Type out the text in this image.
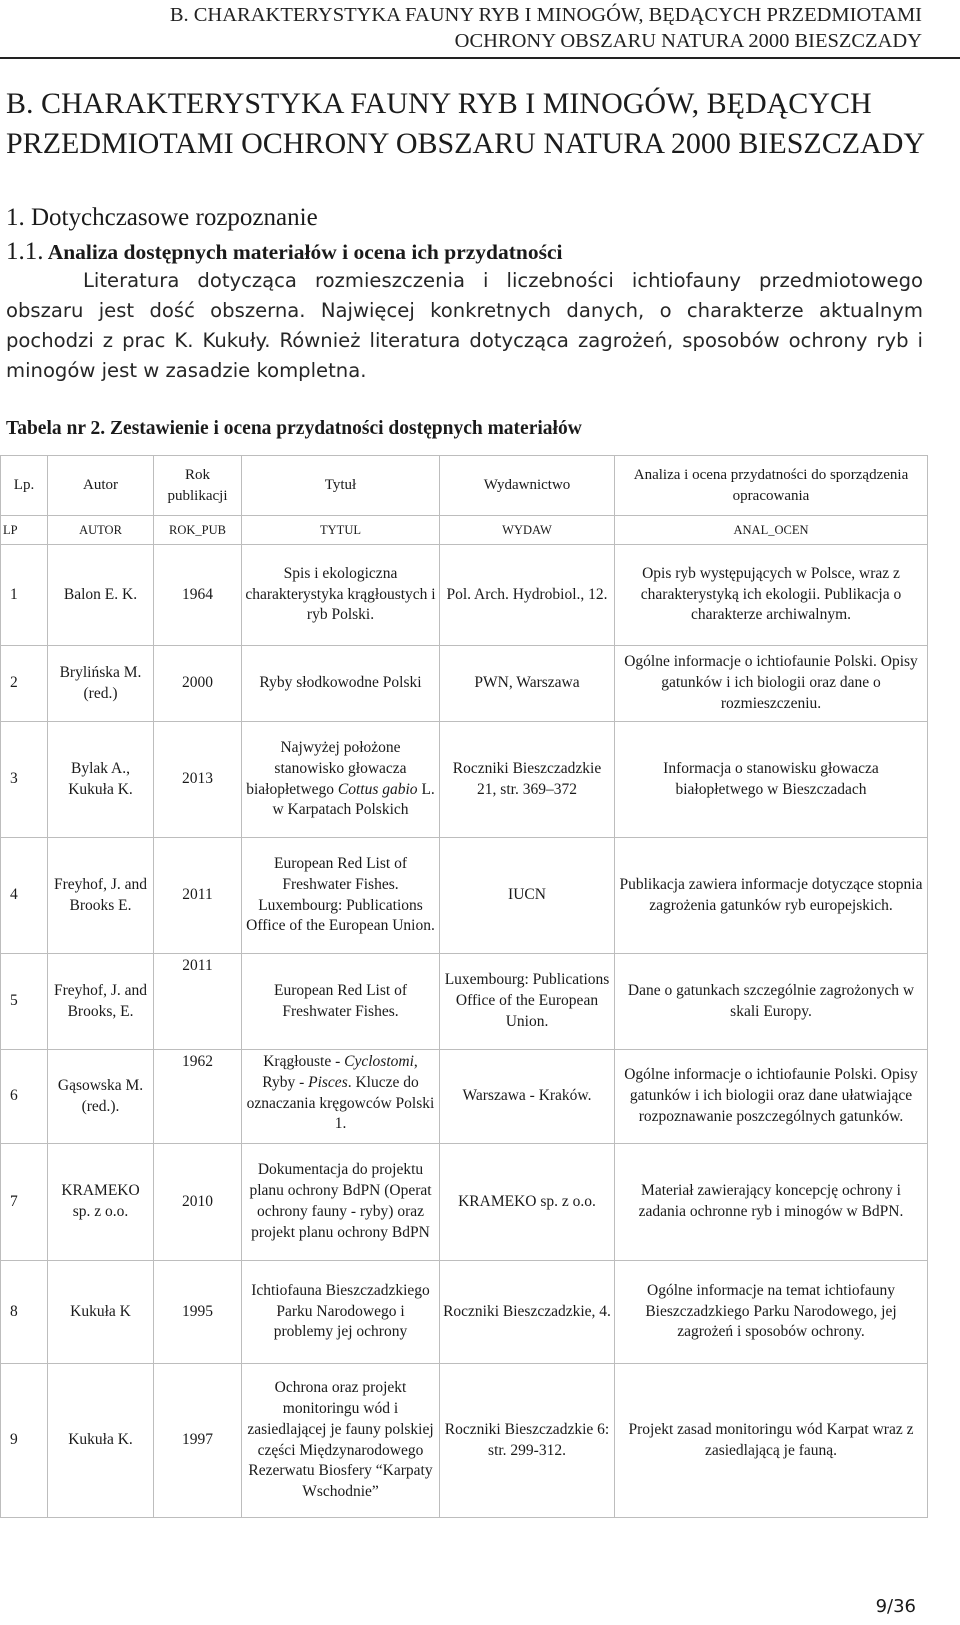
B. CHARAKTERYSTYKA FAUNY RYB I MINOGÓW, BĘDĄCYCH PRZEDMIOTAMI
OCHRONY OBSZARU NATURA 2000 BIESZCZADY
B. CHARAKTERYSTYKA FAUNY RYB I MINOGÓW, BĘDĄCYCH PRZEDMIOTAMI OCHRONY OBSZARU NATURA 2000 BIESZCZADY
1. Dotychczasowe rozpoznanie
1.1. Analiza dostępnych materiałów i ocena ich przydatności

Literatura dotycząca rozmieszczenia i liczebności ichtiofauny przedmiotowego obszaru jest dość obszerna. Najwięcej konkretnych danych, o charakterze aktualnym pochodzi z prac K. Kukuły. Również literatura dotycząca zagrożeń, sposobów ochrony ryb i minogów jest w zasadzie kompletna.

Tabela nr 2. Zestawienie i ocena przydatności dostępnych materiałów

Lp.	Autor	Rok publikacji	Tytuł	Wydawnictwo	Analiza i ocena przydatności do sporządzenia opracowania
LP	AUTOR	ROK_PUB	TYTUL	WYDAW	ANAL_OCEN
1	Balon E. K.	1964	Spis i ekologiczna charakterystyka krągłoustych i ryb Polski.	Pol. Arch. Hydrobiol., 12.	Opis ryb występujących w Polsce, wraz z charakterystyką ich ekologii. Publikacja o charakterze archiwalnym.
2	Brylińska M. (red.)	2000	Ryby słodkowodne Polski	PWN, Warszawa	Ogólne informacje o ichtiofaunie Polski. Opisy gatunków i ich biologii oraz dane o rozmieszczeniu.
3	Bylak A., Kukuła K.	2013	Najwyżej położone stanowisko głowacza białopłetwego Cottus gabio L. w Karpatach Polskich	Roczniki Bieszczadzkie 21, str. 369–372	Informacja o stanowisku głowacza białopłetwego w Bieszczadach
4	Freyhof, J. and Brooks E.	2011	European Red List of Freshwater Fishes. Luxembourg: Publications Office of the European Union.	IUCN	Publikacja zawiera informacje dotyczące stopnia zagrożenia gatunków ryb europejskich.
5	Freyhof, J. and Brooks, E.	2011	European Red List of Freshwater Fishes.	Luxembourg: Publications Office of the European Union.	Dane o gatunkach szczególnie zagrożonych w skali Europy.
6	Gąsowska M. (red.).	1962	Krągłouste - Cyclostomi, Ryby - Pisces. Klucze do oznaczania kręgowców Polski 1.	Warszawa - Kraków.	Ogólne informacje o ichtiofaunie Polski. Opisy gatunków i ich biologii oraz dane ułatwiające rozpoznawanie poszczególnych gatunków.
7	KRAMEKO sp. z o.o.	2010	Dokumentacja do projektu planu ochrony BdPN (Operat ochrony fauny - ryby) oraz projekt planu ochrony BdPN	KRAMEKO sp. z o.o.	Materiał zawierający koncepcję ochrony i zadania ochronne ryb i minogów w BdPN.
8	Kukuła K	1995	Ichtiofauna Bieszczadzkiego Parku Narodowego i problemy jej ochrony	Roczniki Bieszczadzkie, 4.	Ogólne informacje na temat ichtiofauny Bieszczadzkiego Parku Narodowego, jej zagrożeń i sposobów ochrony.
9	Kukuła K.	1997	Ochrona oraz projekt monitoringu wód i zasiedlającej je fauny polskiej części Międzynarodowego Rezerwatu Biosfery “Karpaty Wschodnie”	Roczniki Bieszczadzkie 6: str. 299-312.	Projekt zasad monitoringu wód Karpat wraz z zasiedlającą je fauną.
9/36
